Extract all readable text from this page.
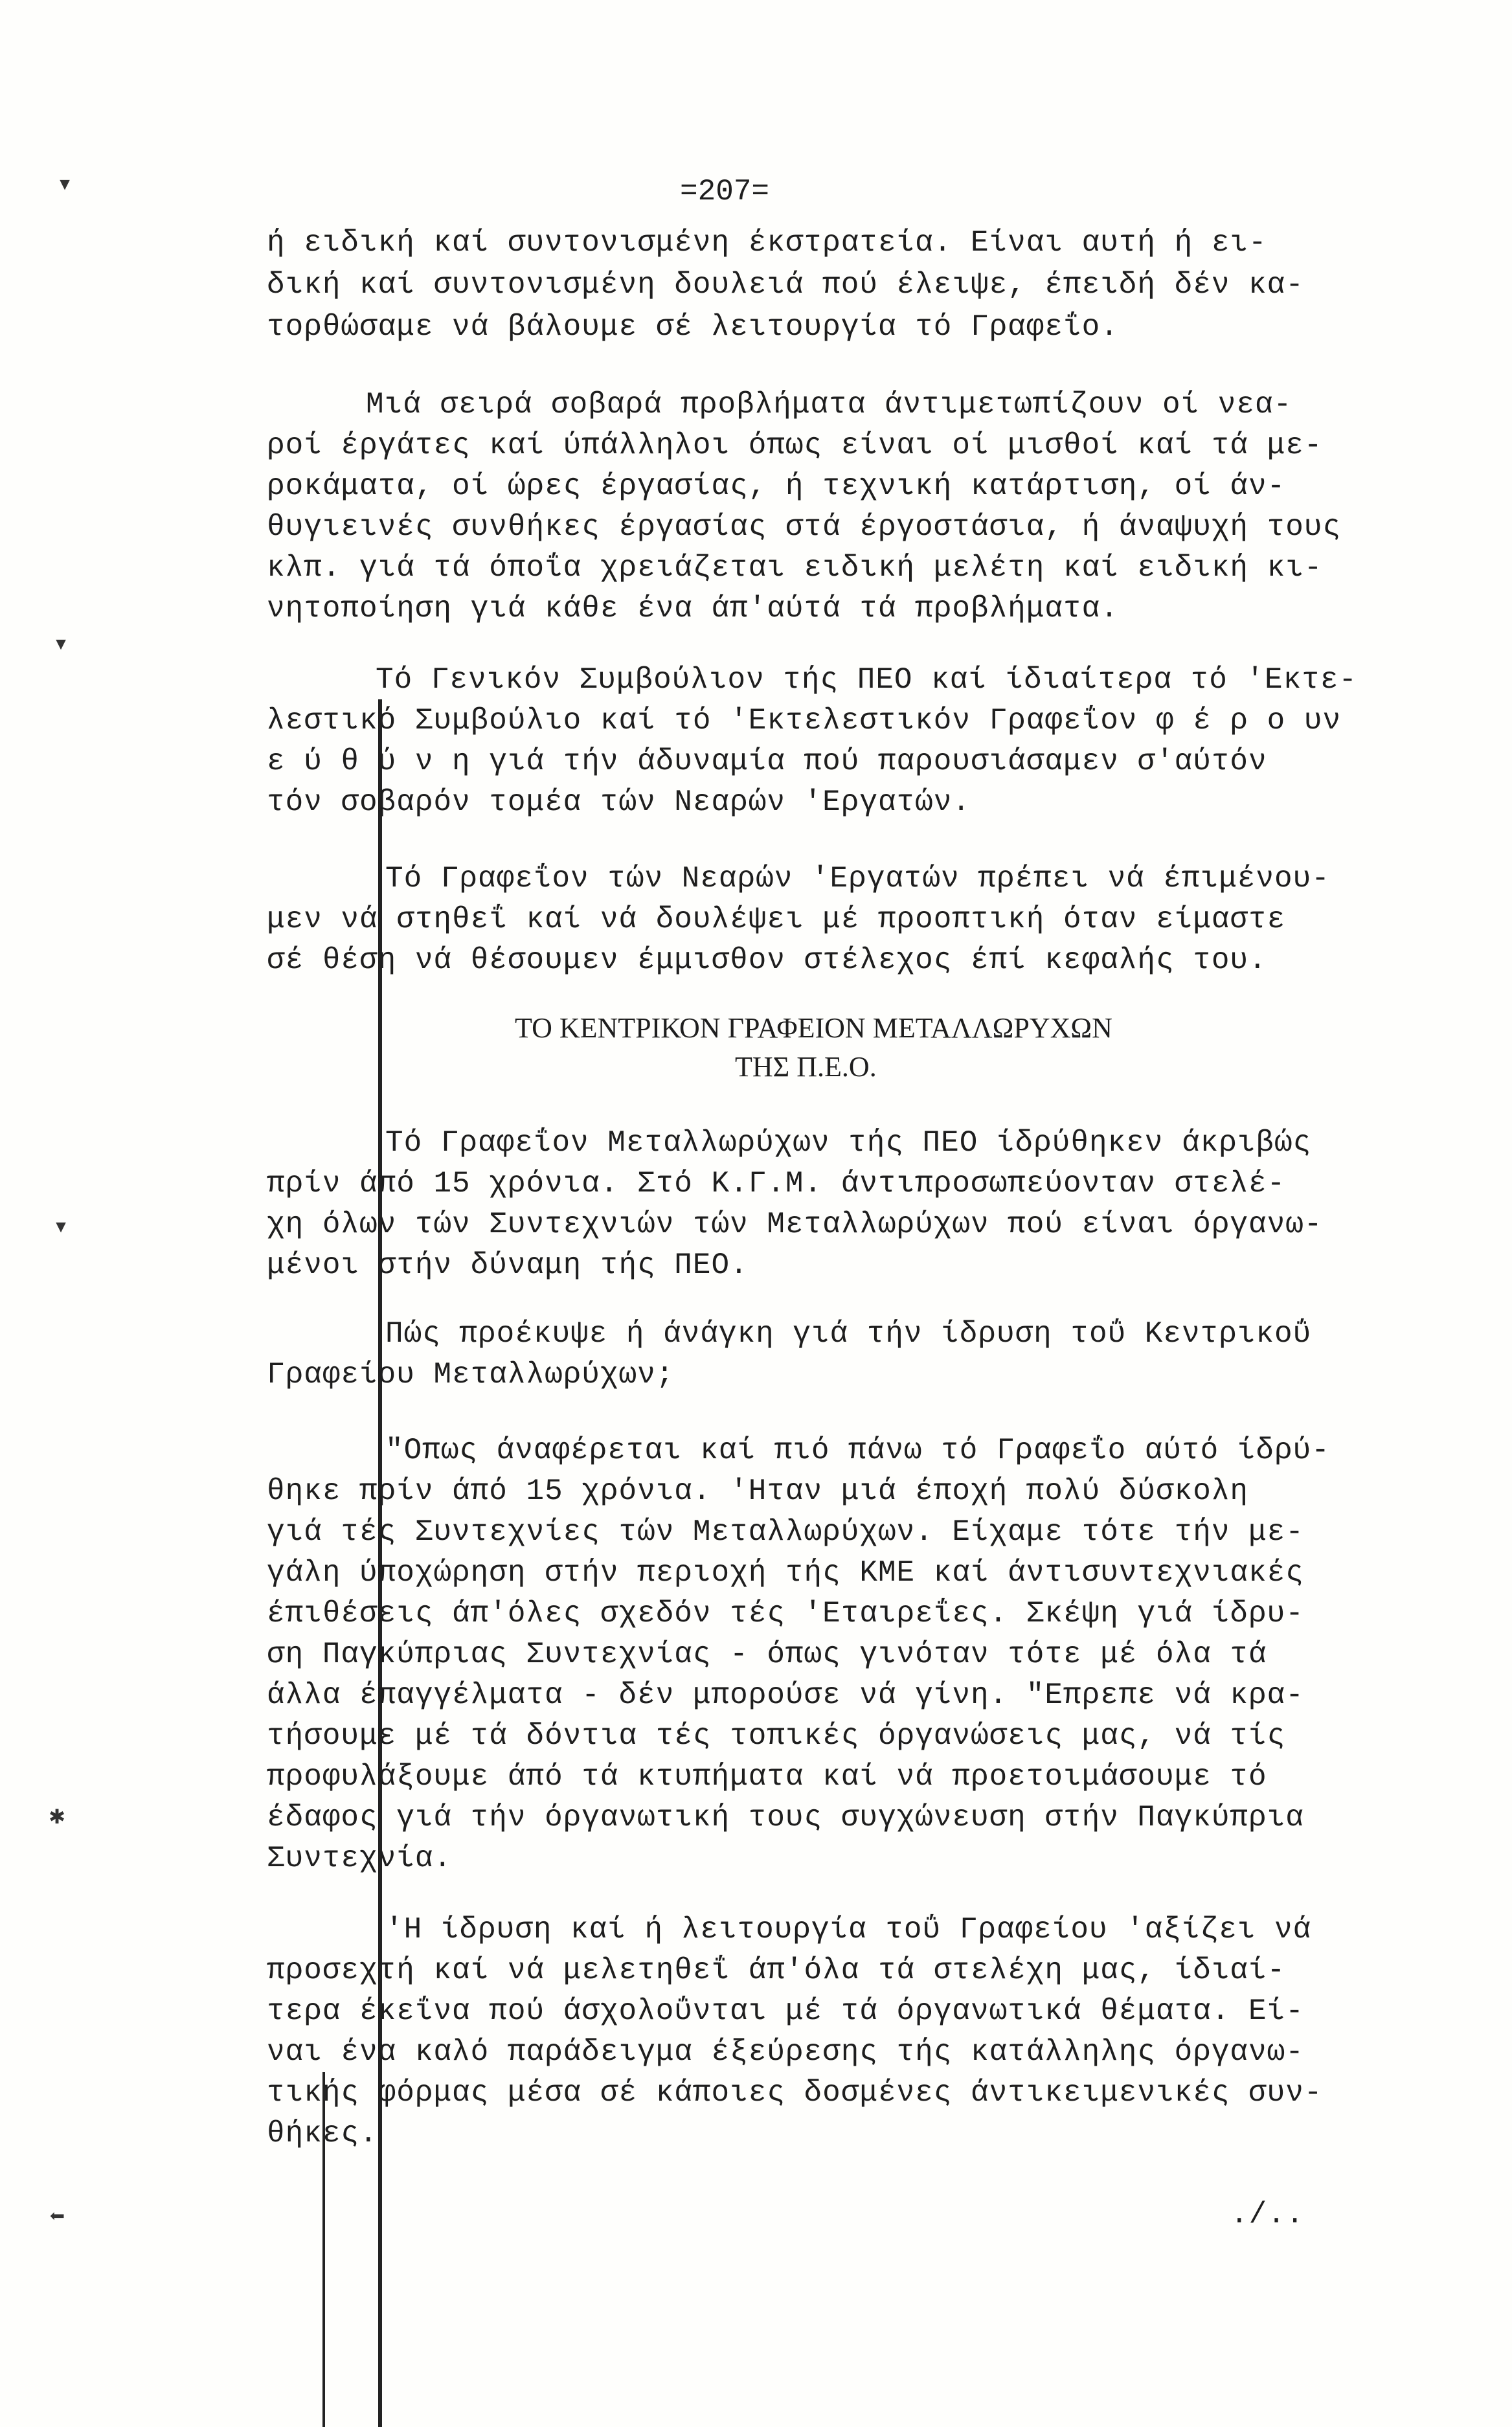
=207=
▾
▾
▾
✱
⬅
ή ειδική καί συντονισμένη έκστρατεία. Είναι αυτή ή ει-
δική καί συντονισμένη δουλειά πού έλειψε, έπειδή δέν κα-
τορθώσαμε νά βάλουμε σέ λειτουργία τό Γραφεΐο.
Μιά σειρά σοβαρά προβλήματα άντιμετωπίζουν οί νεα-
ροί έργάτες καί ύπάλληλοι όπως είναι οί μισθοί καί τά με-
ροκάματα, οί ώρες έργασίας, ή τεχνική κατάρτιση, οί άν-
θυγιεινές συνθήκες έργασίας στά έργοστάσια, ή άναψυχή τους
κλπ. γιά τά όποΐα χρειάζεται ειδική μελέτη καί ειδική κι-
νητοποίηση γιά κάθε ένα άπ'αύτά τά προβλήματα.
Τό Γενικόν Συμβούλιον τής ΠΕΟ καί ίδιαίτερα τό 'Εκτε-
λεστικό Συμβούλιο καί τό 'Εκτελεστικόν Γραφεΐον φ έ ρ ο υν
ε ύ θ ύ ν η γιά τήν άδυναμία πού παρουσιάσαμεν σ'αύτόν
τόν σοβαρόν τομέα τών Νεαρών 'Εργατών.
Τό Γραφεΐον τών Νεαρών 'Εργατών πρέπει νά έπιμένου-
μεν νά στηθεΐ καί νά δουλέψει μέ προοπτική όταν είμαστε
σέ θέση νά θέσουμεν έμμισθον στέλεχος έπί κεφαλής του.
ΤΟ ΚΕΝΤΡΙΚΟΝ ΓΡΑΦΕΙΟΝ ΜΕΤΑΛΛΩΡΥΧΩΝ
ΤΗΣ Π.Ε.Ο.
Τό Γραφεΐον Μεταλλωρύχων τής ΠΕΟ ίδρύθηκεν άκριβώς
πρίν άπό 15 χρόνια. Στό Κ.Γ.Μ. άντιπροσωπεύονταν στελέ-
χη όλων τών Συντεχνιών τών Μεταλλωρύχων πού είναι όργανω-
μένοι στήν δύναμη τής ΠΕΟ.
Πώς προέκυψε ή άνάγκη γιά τήν ίδρυση τοΰ Κεντρικοΰ
Γραφείου Μεταλλωρύχων;
"Οπως άναφέρεται καί πιό πάνω τό Γραφεΐο αύτό ίδρύ-
θηκε πρίν άπό 15 χρόνια. 'Ηταν μιά έποχή πολύ δύσκολη
γιά τές Συντεχνίες τών Μεταλλωρύχων. Είχαμε τότε τήν με-
γάλη ύποχώρηση στήν περιοχή τής ΚΜΕ καί άντισυντεχνιακές
έπιθέσεις άπ'όλες σχεδόν τές 'Εταιρεΐες. Σκέψη γιά ίδρυ-
ση Παγκύπριας Συντεχνίας - όπως γινόταν τότε μέ όλα τά
άλλα έπαγγέλματα - δέν μπορούσε νά γίνη. "Επρεπε νά κρα-
τήσουμε μέ τά δόντια τές τοπικές όργανώσεις μας, νά τίς
προφυλάξουμε άπό τά κτυπήματα καί νά προετοιμάσουμε τό
έδαφος γιά τήν όργανωτική τους συγχώνευση στήν Παγκύπρια
Συντεχνία.
'Η ίδρυση καί ή λειτουργία τοΰ Γραφείου 'αξίζει νά
προσεχτή καί νά μελετηθεΐ άπ'όλα τά στελέχη μας, ίδιαί-
τερα έκεΐνα πού άσχολοΰνται μέ τά όργανωτικά θέματα. Εί-
ναι ένα καλό παράδειγμα έξεύρεσης τής κατάλληλης όργανω-
τικής φόρμας μέσα σέ κάποιες δοσμένες άντικειμενικές συν-
θήκες.
./..
